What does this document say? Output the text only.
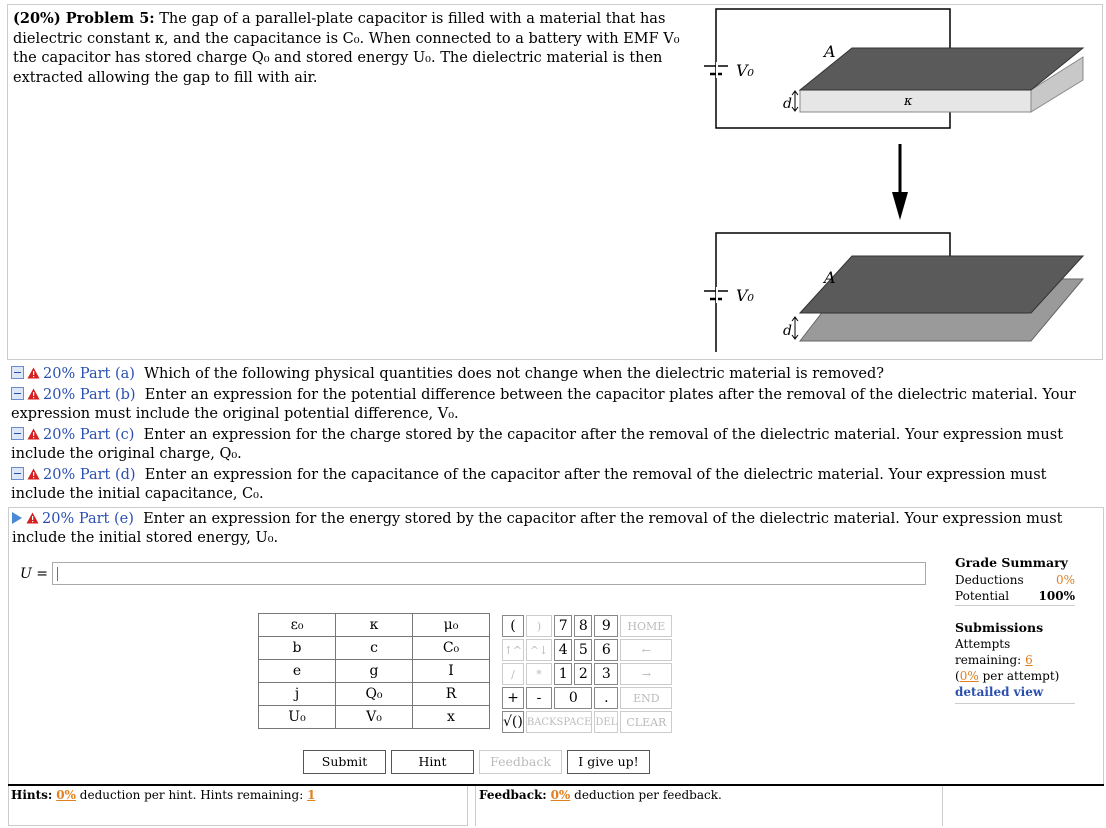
(20%) Problem 5: The gap of a parallel-plate capacitor is filled with a material that has dielectric constant κ, and the capacitance is C₀. When connected to a battery with EMF V₀ the capacitor has stored charge Q₀ and stored energy U₀. The dielectric material is then extracted allowing the gap to fill with air.	V₀
A
κ
d
V₀
A
d
20% Part (a) Which of the following physical quantities does not change when the dielectric material is removed?
20% Part (b) Enter an expression for the potential difference between the capacitor plates after the removal of the dielectric material. Your expression must include the original potential difference, V₀.
20% Part (c) Enter an expression for the charge stored by the capacitor after the removal of the dielectric material. Your expression must include the original charge, Q₀.
20% Part (d) Enter an expression for the capacitance of the capacitor after the removal of the dielectric material. Your expression must include the initial capacitance, C₀.
20% Part (e) Enter an expression for the energy stored by the capacitor after the removal of the dielectric material. Your expression must include the initial stored energy, U₀.
U =
Grade Summary
Deductions	0%
Potential 100%
Submissions
Attempts remaining: 6
(0% per attempt)
detailed view
ε₀	κ	μ₀
b	c	C₀
e	g	I
j	Q₀	R
U₀	V₀	x
(	)	7	8	9	HOME
↑^	^↓	4	5	6	←
/	*	1	2	3	→
+	-	0		.	END
√()	BACKSPACE			DEL	CLEAR
Submit	Hint	Feedback	I give up!
Hints: 0% deduction per hint. Hints remaining: 1	Feedback: 0% deduction per feedback.
